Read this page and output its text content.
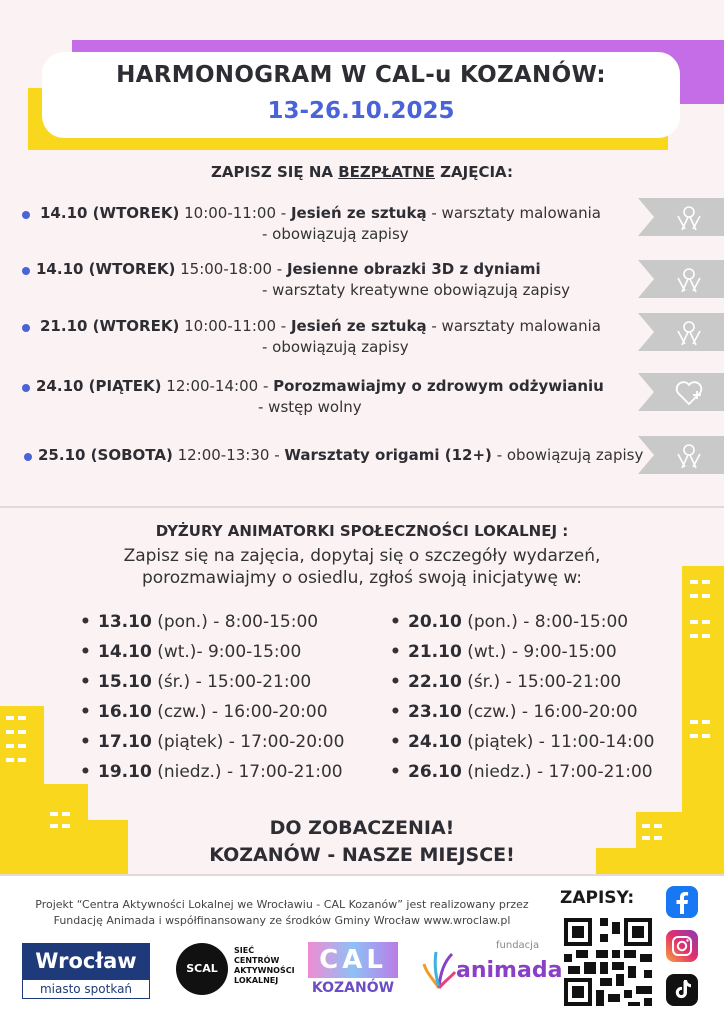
HARMONOGRAM W CAL-u KOZANÓW:
13-26.10.2025
ZAPISZ SIĘ NA BEZPŁATNE ZAJĘCIA:
14.10 (WTOREK) 10:00-11:00 - Jesień ze sztuką - warsztaty malowania
- obowiązują zapisy
14.10 (WTOREK) 15:00-18:00 - Jesienne obrazki 3D z dyniami
- warsztaty kreatywne obowiązują zapisy
21.10 (WTOREK) 10:00-11:00 - Jesień ze sztuką - warsztaty malowania
- obowiązują zapisy
24.10 (PIĄTEK) 12:00-14:00 - Porozmawiajmy o zdrowym odżywianiu
- wstęp wolny
25.10 (SOBOTA) 12:00-13:30 - Warsztaty origami (12+) - obowiązują zapisy
DYŻURY ANIMATORKI SPOŁECZNOŚCI LOKALNEJ :
Zapisz się na zajęcia, dopytaj się o szczegóły wydarzeń,
porozmawiajmy o osiedlu, zgłoś swoją inicjatywę w:
• 13.10 (pon.) - 8:00-15:00
• 14.10 (wt.)- 9:00-15:00
• 15.10 (śr.) - 15:00-21:00
• 16.10 (czw.) - 16:00-20:00
• 17.10 (piątek) - 17:00-20:00
• 19.10 (niedz.) - 17:00-21:00
• 20.10 (pon.) - 8:00-15:00
• 21.10 (wt.) - 9:00-15:00
• 22.10 (śr.) - 15:00-21:00
• 23.10 (czw.) - 16:00-20:00
• 24.10 (piątek) - 11:00-14:00
• 26.10 (niedz.) - 17:00-21:00
DO ZOBACZENIA!
KOZANÓW - NASZE MIEJSCE!
Projekt “Centra Aktywności Lokalnej we Wrocławiu - CAL Kozanów” jest realizowany przez
Fundację Animada i współfinansowany ze środków Gminy Wrocław www.wroclaw.pl
ZAPISY:
Wrocław
miasto spotkań
SCAL
SIEĆ
CENTRÓW
AKTYWNOŚCI
LOKALNEJ
CAL
KOZANÓW
fundacja
animada
